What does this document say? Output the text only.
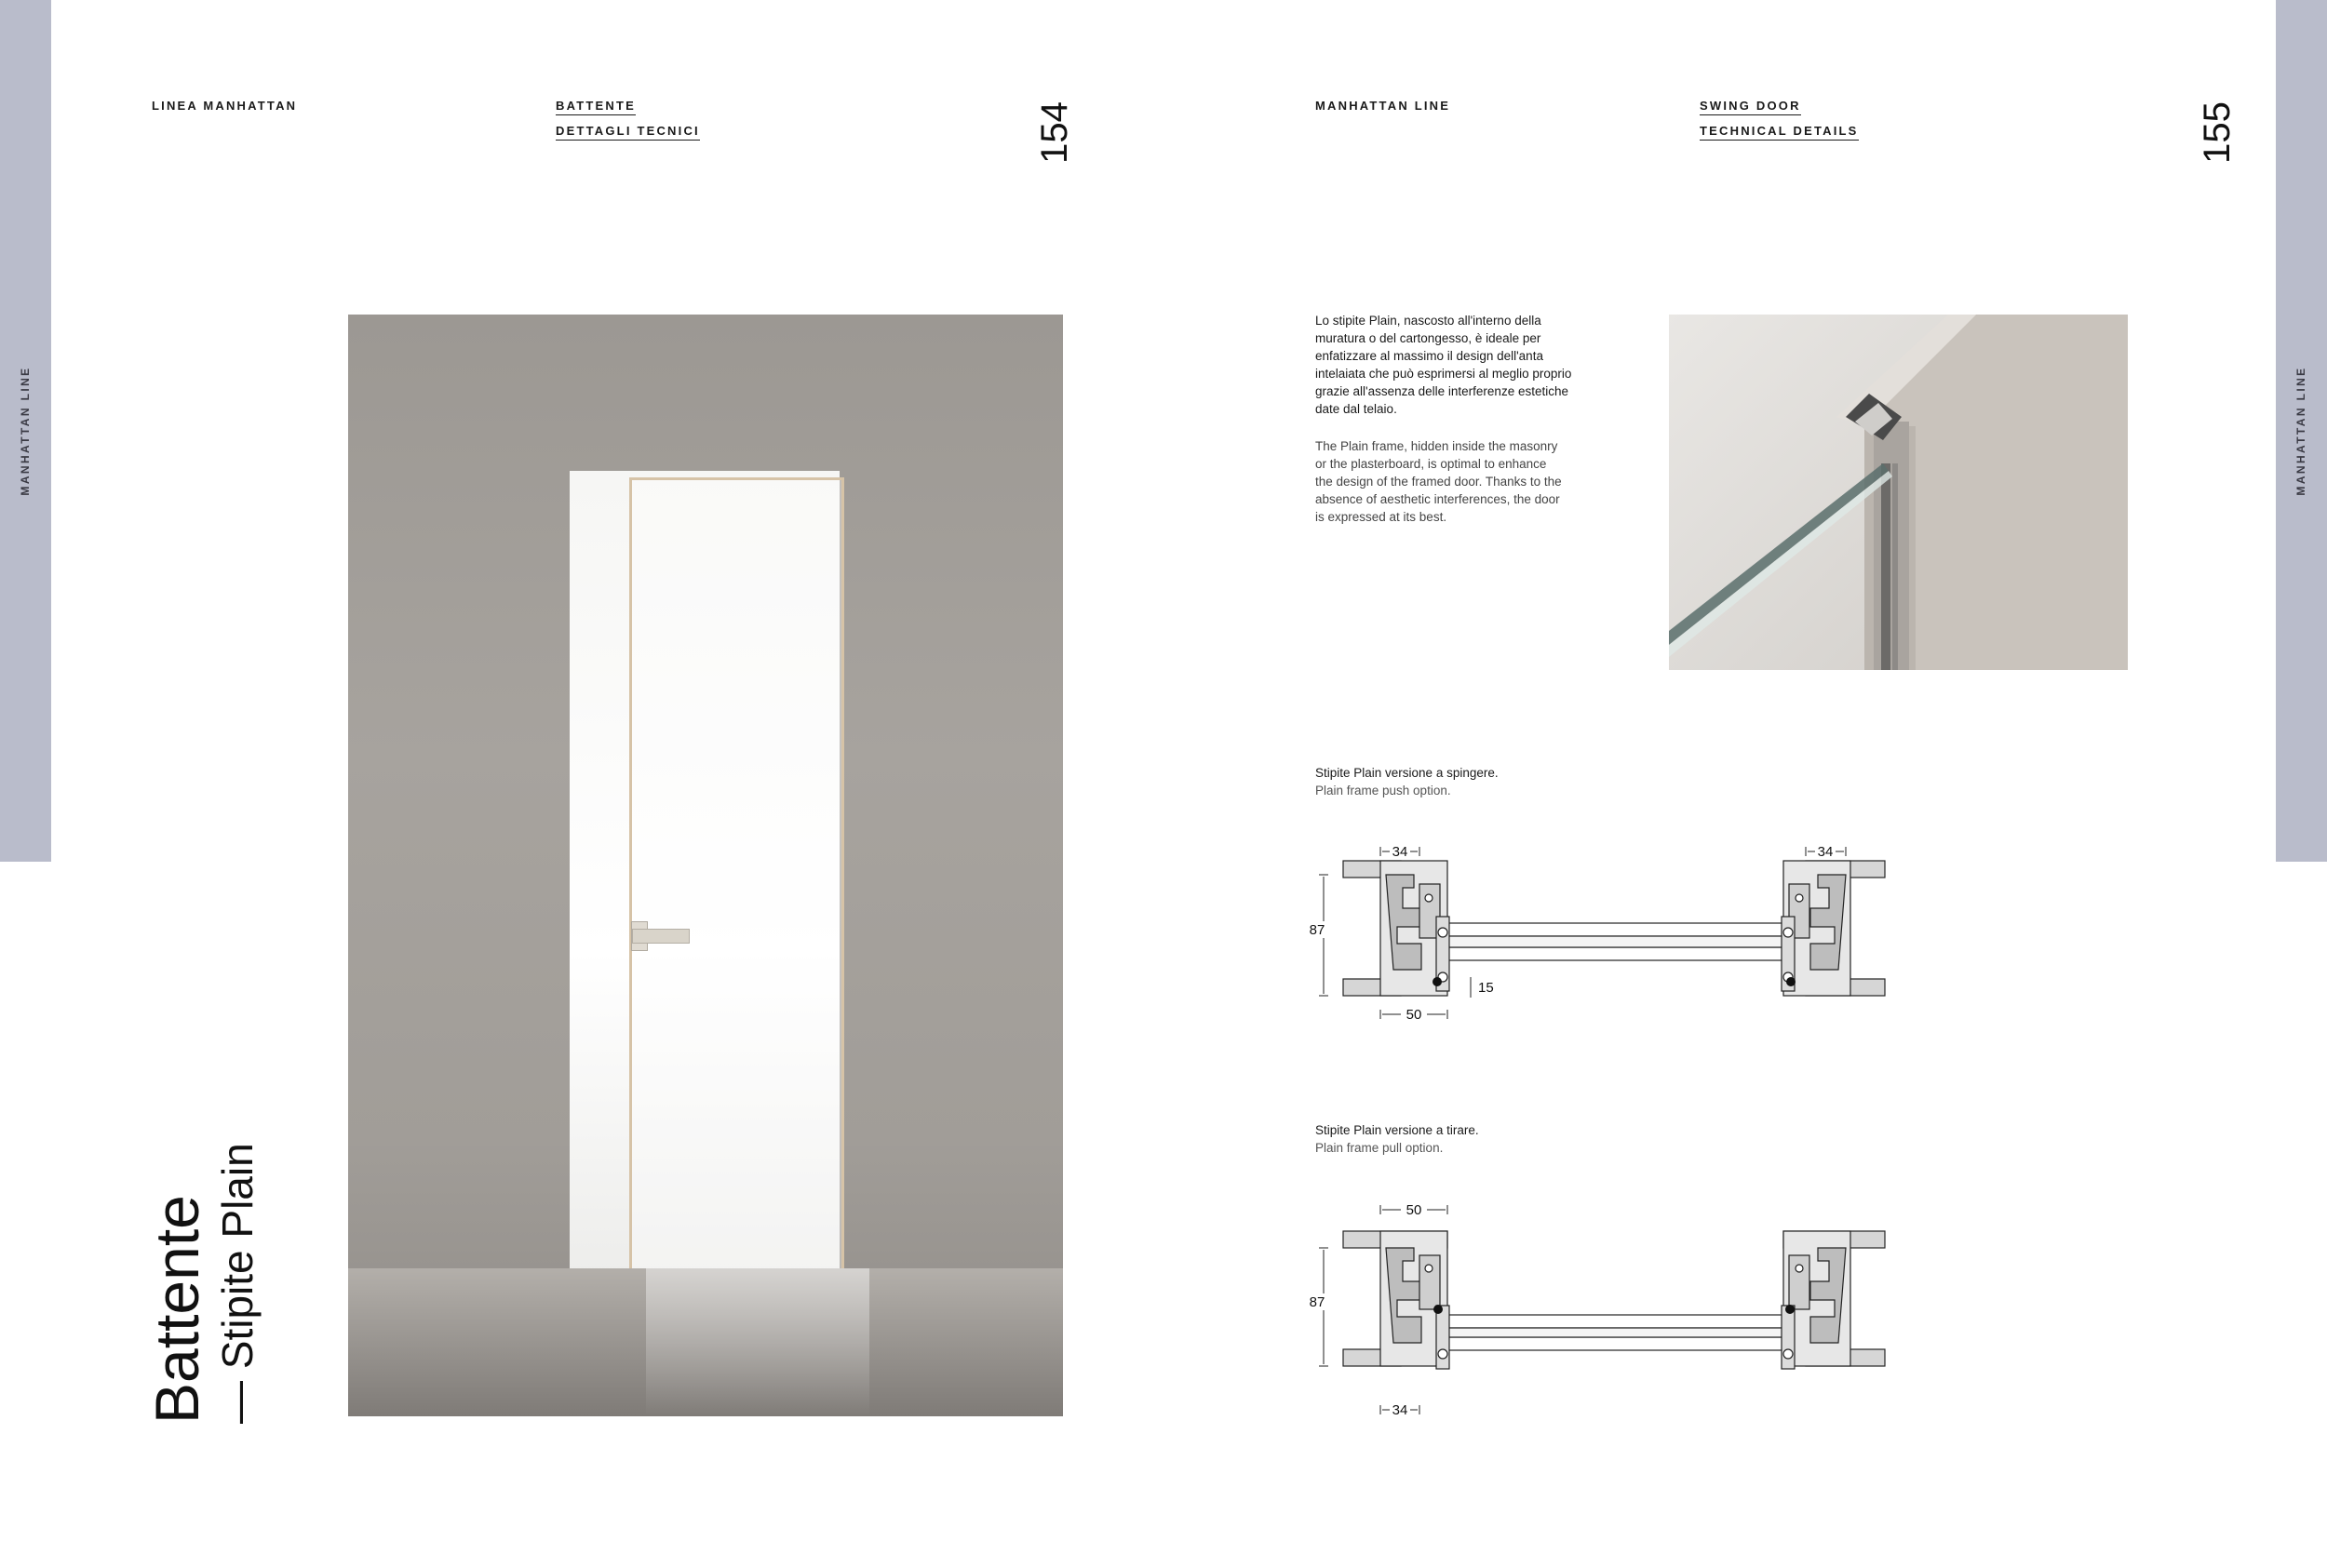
MANHATTAN LINE	MANHATTAN LINE
LINEA MANHATTAN	BATTENTE
DETTAGLI TECNICI	154	MANHATTAN LINE	SWING DOOR
TECHNICAL DETAILS	155
Battente — Stipite Plain
Lo stipite Plain, nascosto all'interno della muratura o del cartongesso, è ideale per enfatizzare al massimo il design dell'anta intelaiata che può esprimersi al meglio proprio grazie all'assenza delle interferenze estetiche date dal telaio.
The Plain frame, hidden inside the masonry or the plasterboard, is optimal to enhance the design of the framed door. Thanks to the absence of aesthetic interferences, the door is expressed at its best.
Stipite Plain versione a spingere.
Plain frame push option.
34	34
87
15
50
Stipite Plain versione a tirare.
Plain frame pull option.
50
87
34
